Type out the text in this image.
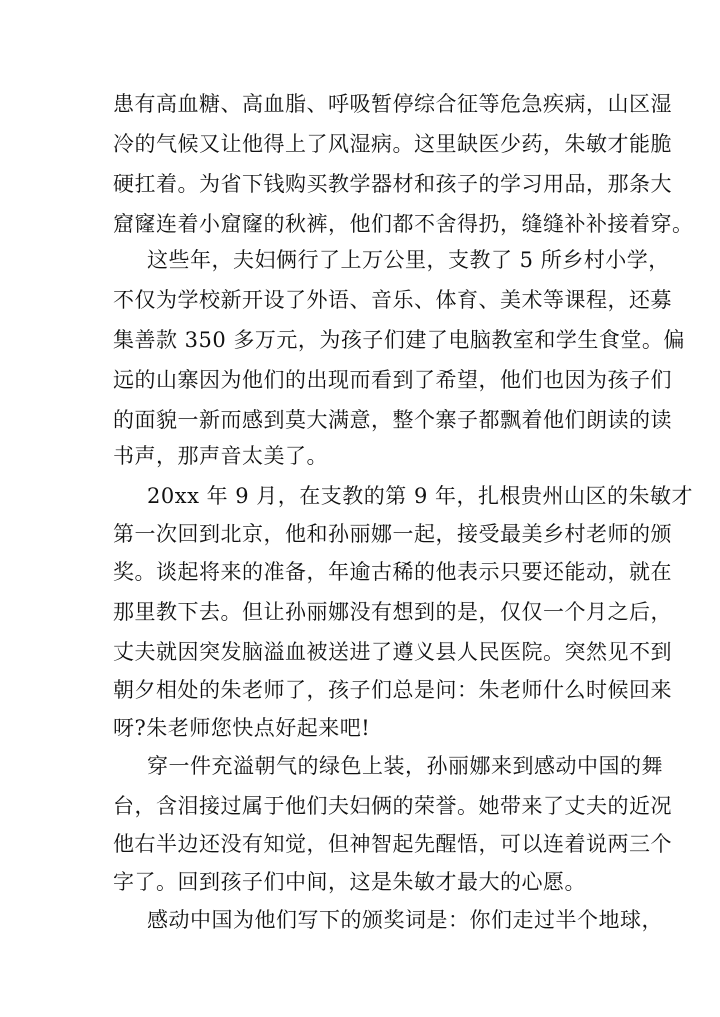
患有高血糖、高血脂、呼吸暂停综合征等危急疾病，山区湿
冷的气候又让他得上了风湿病。这里缺医少药，朱敏才能脆
硬扛着。为省下钱购买教学器材和孩子的学习用品，那条大
窟窿连着小窟窿的秋裤，他们都不舍得扔，缝缝补补接着穿。
这些年，夫妇俩行了上万公里，支教了 5 所乡村小学，
不仅为学校新开设了外语、音乐、体育、美术等课程，还募
集善款 350 多万元，为孩子们建了电脑教室和学生食堂。偏
远的山寨因为他们的出现而看到了希望，他们也因为孩子们
的面貌一新而感到莫大满意，整个寨子都飘着他们朗读的读
书声，那声音太美了。
20xx 年 9 月，在支教的第 9 年，扎根贵州山区的朱敏才
第一次回到北京，他和孙丽娜一起，接受最美乡村老师的颁
奖。谈起将来的准备，年逾古稀的他表示只要还能动，就在
那里教下去。但让孙丽娜没有想到的是，仅仅一个月之后，
丈夫就因突发脑溢血被送进了遵义县人民医院。突然见不到
朝夕相处的朱老师了，孩子们总是问：朱老师什么时候回来
呀?朱老师您快点好起来吧!
穿一件充溢朝气的绿色上装，孙丽娜来到感动中国的舞
台，含泪接过属于他们夫妇俩的荣誉。她带来了丈夫的近况
他右半边还没有知觉，但神智起先醒悟，可以连着说两三个
字了。回到孩子们中间，这是朱敏才最大的心愿。
感动中国为他们写下的颁奖词是：你们走过半个地球，
